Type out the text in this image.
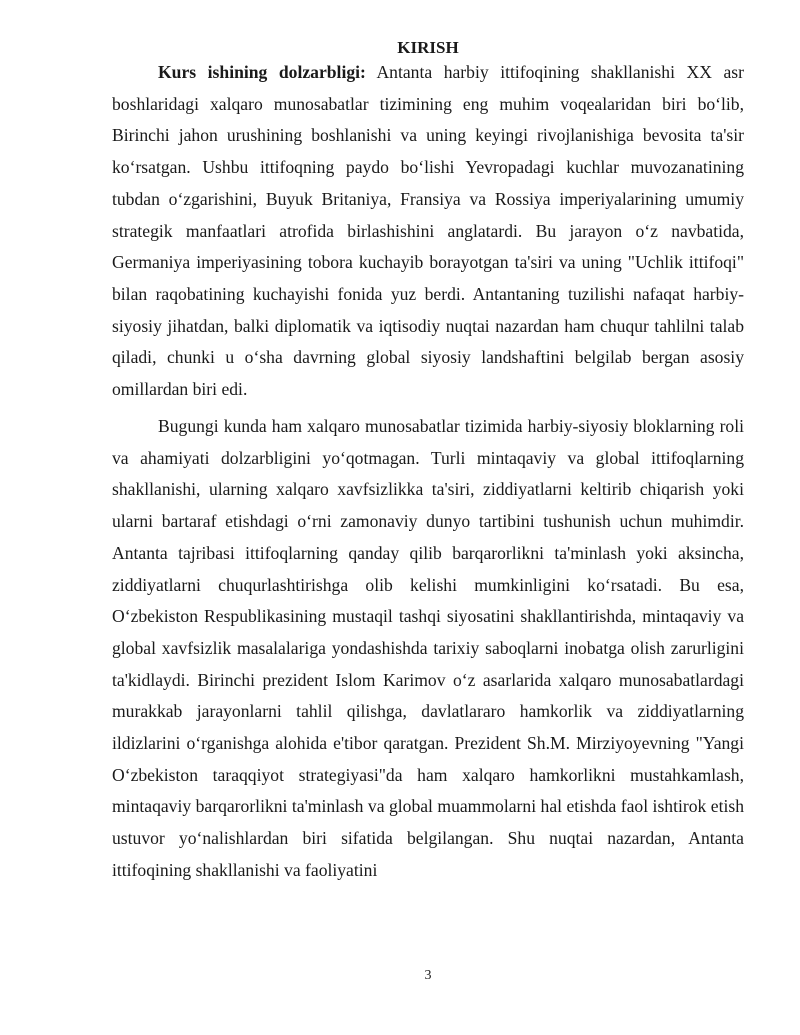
KIRISH

Kurs ishining dolzarbligi: Antanta harbiy ittifoqining shakllanishi XX asr boshlaridagi xalqaro munosabatlar tizimining eng muhim voqealaridan biri bo‘lib, Birinchi jahon urushining boshlanishi va uning keyingi rivojlanishiga bevosita ta'sir ko‘rsatgan. Ushbu ittifoqning paydo bo‘lishi Yevropadagi kuchlar muvozanatining tubdan o‘zgarishini, Buyuk Britaniya, Fransiya va Rossiya imperiyalarining umumiy strategik manfaatlari atrofida birlashishini anglatardi. Bu jarayon o‘z navbatida, Germaniya imperiyasining tobora kuchayib borayotgan ta'siri va uning "Uchlik ittifoqi" bilan raqobatining kuchayishi fonida yuz berdi. Antantaning tuzilishi nafaqat harbiy-siyosiy jihatdan, balki diplomatik va iqtisodiy nuqtai nazardan ham chuqur tahlilni talab qiladi, chunki u o‘sha davrning global siyosiy landshaftini belgilab bergan asosiy omillardan biri edi.

Bugungi kunda ham xalqaro munosabatlar tizimida harbiy-siyosiy bloklarning roli va ahamiyati dolzarbligini yo‘qotmagan. Turli mintaqaviy va global ittifoqlarning shakllanishi, ularning xalqaro xavfsizlikka ta'siri, ziddiyatlarni keltirib chiqarish yoki ularni bartaraf etishdagi o‘rni zamonaviy dunyo tartibini tushunish uchun muhimdir. Antanta tajribasi ittifoqlarning qanday qilib barqarorlikni ta'minlash yoki aksincha, ziddiyatlarni chuqurlashtirishga olib kelishi mumkinligini ko‘rsatadi. Bu esa, O‘zbekiston Respublikasining mustaqil tashqi siyosatini shakllantirishda, mintaqaviy va global xavfsizlik masalalariga yondashishda tarixiy saboqlarni inobatga olish zarurligini ta'kidlaydi. Birinchi prezident Islom Karimov o‘z asarlarida xalqaro munosabatlardagi murakkab jarayonlarni tahlil qilishga, davlatlararo hamkorlik va ziddiyatlarning ildizlarini o‘rganishga alohida e'tibor qaratgan. Prezident Sh.M. Mirziyoyevning "Yangi O‘zbekiston taraqqiyot strategiyasi"da ham xalqaro hamkorlikni mustahkamlash, mintaqaviy barqarorlikni ta'minlash va global muammolarni hal etishda faol ishtirok etish ustuvor yo‘nalishlardan biri sifatida belgilangan. Shu nuqtai nazardan, Antanta ittifoqining shakllanishi va faoliyatini

3
